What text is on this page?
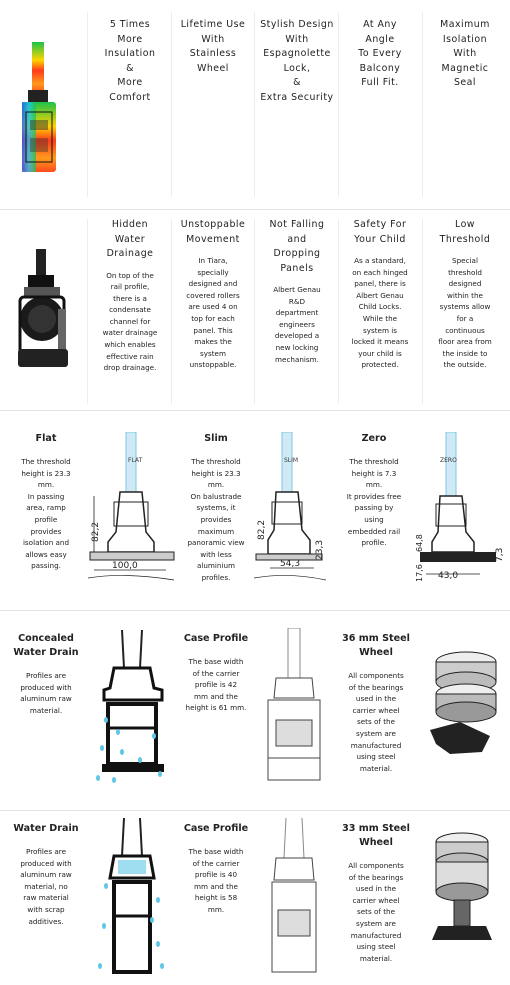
5 Times
More
Insulation
&
More
Comfort
Lifetime Use
With
Stainless
Wheel
Stylish Design
With
Espagnolette
Lock,
&
Extra Security
At Any
Angle
To Every
Balcony
Full Fit.
Maximum
Isolation
With
Magnetic
Seal
Hidden
Water
Drainage
On top of the
rail profile,
there is a
condensate
channel for
water drainage
which enables
effective rain
drop drainage.
Unstoppable
Movement
In Tiara,
specially
designed and
covered rollers
are used 4 on
top for each
panel. This
makes the
system
unstoppable.
Not Falling
and
Dropping
Panels
Albert Genau
R&D
department
engineers
developed a
new locking
mechanism.
Safety For
Your Child
As a standard,
on each hinged
panel, there is
Albert Genau
Child Locks.
While the
system is
locked it means
your child is
protected.
Low
Threshold
Special
threshold
designed
within the
systems allow
for a
continuous
floor area from
the inside to
the outside.
Flat
The threshold
height is 23.3
mm.
In passing
area, ramp
profile
provides
isolation and
allows easy
passing.
FLAT
82,2
100,0
Slim
The threshold
height is 23.3
mm.
On balustrade
systems, it
provides
maximum
panoramic view
with less
aluminium
profiles.
SLIM
82,2
23,3
54,3
Zero
The threshold
height is 7.3
mm.
It provides free
passing by
using
embedded rail
profile.
ZERO
64,8
17,6
7,3
43,0
Concealed
Water Drain
Profiles are
produced with
aluminum raw
material.
Case Profile
The base width
of the carrier
profile is 42
mm and the
height is 61 mm.
36 mm Steel
Wheel
All components
of the bearings
used in the
carrier wheel
sets of the
system are
manufactured
using steel
material.
Water Drain
Profiles are
produced with
aluminum raw
material, no
raw material
with scrap
additives.
Case Profile
The base width
of the carrier
profile is 40
mm and the
height is 58
mm.
33 mm Steel
Wheel
All components
of the bearings
used in the
carrier wheel
sets of the
system are
manufactured
using steel
material.
